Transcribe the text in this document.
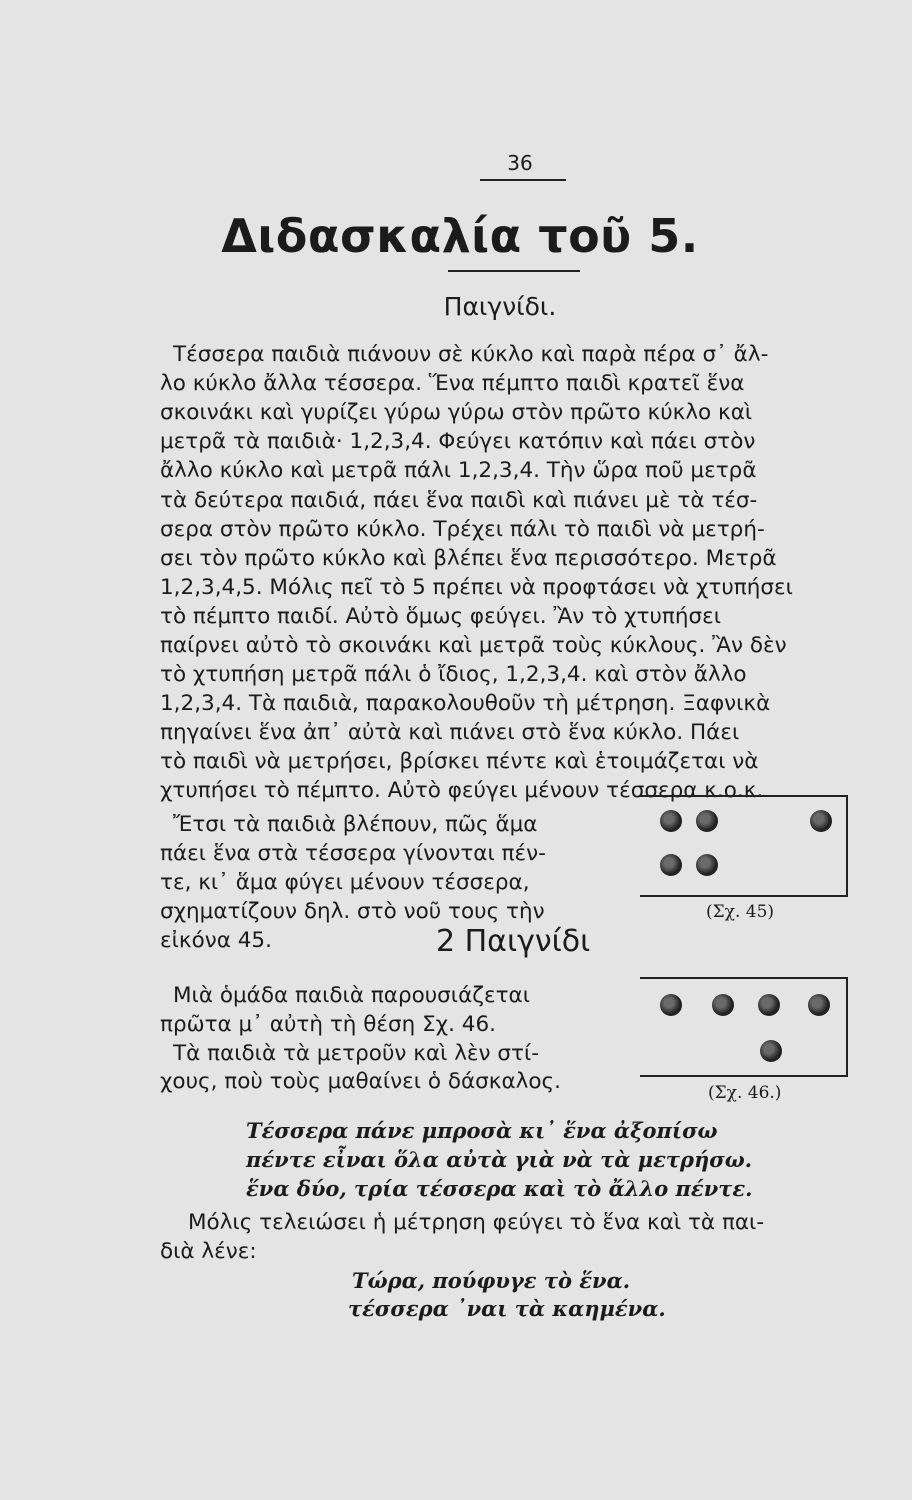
36
Διδασκαλία τοῦ 5.
Παιγνίδι.
Τέσσερα παιδιὰ πιάνουν σὲ κύκλο καὶ παρὰ πέρα σ᾽ ἄλ-
λο κύκλο ἄλλα τέσσερα. Ἕνα πέμπτο παιδὶ κρατεῖ ἕνα
σκοινάκι καὶ γυρίζει γύρω γύρω στὸν πρῶτο κύκλο καὶ
μετρᾶ τὰ παιδιὰ· 1,2,3,4. Φεύγει κατόπιν καὶ πάει στὸν
ἄλλο κύκλο καὶ μετρᾶ πάλι 1,2,3,4. Τὴν ὥρα ποῦ μετρᾶ
τὰ δεύτερα παιδιά, πάει ἕνα παιδὶ καὶ πιάνει μὲ τὰ τέσ-
σερα στὸν πρῶτο κύκλο. Τρέχει πάλι τὸ παιδὶ νὰ μετρή-
σει τὸν πρῶτο κύκλο καὶ βλέπει ἕνα περισσότερο. Μετρᾶ
1,2,3,4,5. Μόλις πεῖ τὸ 5 πρέπει νὰ προφτάσει νὰ χτυπήσει
τὸ πέμπτο παιδί. Αὐτὸ ὅμως φεύγει. Ἂν τὸ χτυπήσει
παίρνει αὐτὸ τὸ σκοινάκι καὶ μετρᾶ τοὺς κύκλους. Ἂν δὲν
τὸ χτυπήση μετρᾶ πάλι ὁ ἴδιος, 1,2,3,4. καὶ στὸν ἄλλο
1,2,3,4. Τὰ παιδιὰ, παρακολουθοῦν τὴ μέτρηση. Ξαφνικὰ
πηγαίνει ἕνα ἀπ᾽ αὐτὰ καὶ πιάνει στὸ ἕνα κύκλο. Πάει
τὸ παιδὶ νὰ μετρήσει, βρίσκει πέντε καὶ ἑτοιμάζεται νὰ
χτυπήσει τὸ πέμπτο. Αὐτὸ φεύγει μένουν τέσσερα κ.ο.κ.
Ἔτσι τὰ παιδιὰ βλέπουν, πῶς ἅμα
πάει ἕνα στὰ τέσσερα γίνονται πέν-
τε, κι᾽ ἅμα φύγει μένουν τέσσερα,
σχηματίζουν δηλ. στὸ νοῦ τους τὴν
εἰκόνα 45.
(Σχ. 45)
2 Παιγνίδι
Μιὰ ὁμάδα παιδιὰ παρουσιάζεται
πρῶτα μ᾽ αὐτὴ τὴ θέση Σχ. 46.
Τὰ παιδιὰ τὰ μετροῦν καὶ λὲν στί-
χους, ποὺ τοὺς μαθαίνει ὁ δάσκαλος.	(Σχ. 46.)
Τέσσερα πάνε μπροσὰ κι᾽ ἕνα ἀξοπίσω
πέντε εἶναι ὅλα αὐτὰ γιὰ νὰ τὰ μετρήσω.
ἕνα δύο, τρία τέσσερα καὶ τὸ ἄλλο πέντε.
Μόλις τελειώσει ἡ μέτρηση φεύγει τὸ ἕνα καὶ τὰ παι-
διὰ λένε:
Τώρα, πούφυγε τὸ ἕνα.
τέσσερα ᾽ναι τὰ καημένα.
